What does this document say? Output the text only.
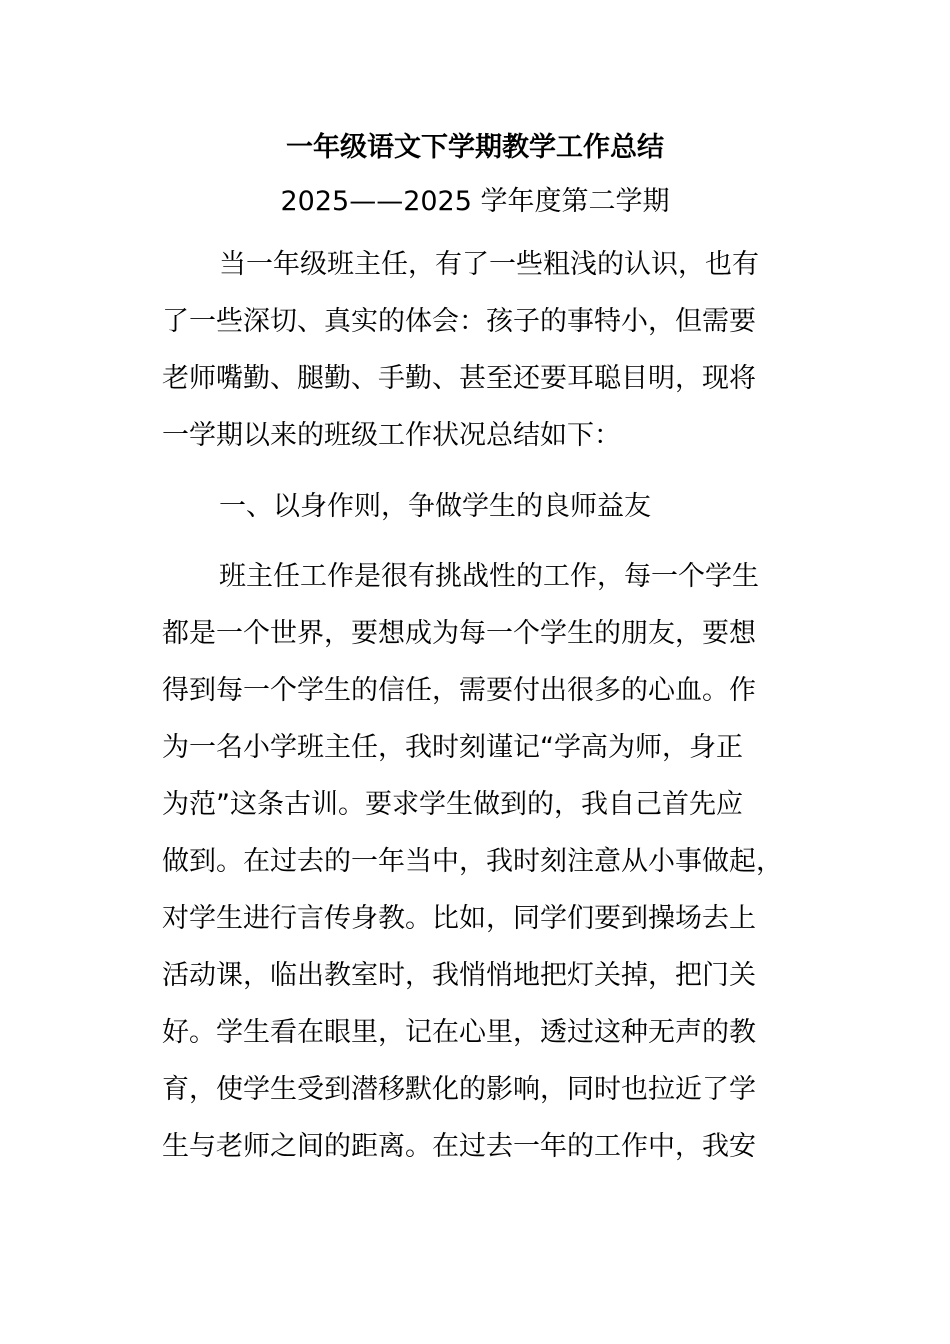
一年级语文下学期教学工作总结
2025——2025 学年度第二学期
当一年级班主任，有了一些粗浅的认识，也有
了一些深切、真实的体会：孩子的事特小，但需要
老师嘴勤、腿勤、手勤、甚至还要耳聪目明，现将
一学期以来的班级工作状况总结如下：
一、以身作则，争做学生的良师益友
班主任工作是很有挑战性的工作，每一个学生
都是一个世界，要想成为每一个学生的朋友，要想
得到每一个学生的信任，需要付出很多的心血。作
为一名小学班主任，我时刻谨记“学高为师，身正
为范”这条古训。要求学生做到的，我自己首先应
做到。在过去的一年当中，我时刻注意从小事做起，
对学生进行言传身教。比如，同学们要到操场去上
活动课，临出教室时，我悄悄地把灯关掉，把门关
好。学生看在眼里，记在心里，透过这种无声的教
育，使学生受到潜移默化的影响，同时也拉近了学
生与老师之间的距离。在过去一年的工作中，我安
